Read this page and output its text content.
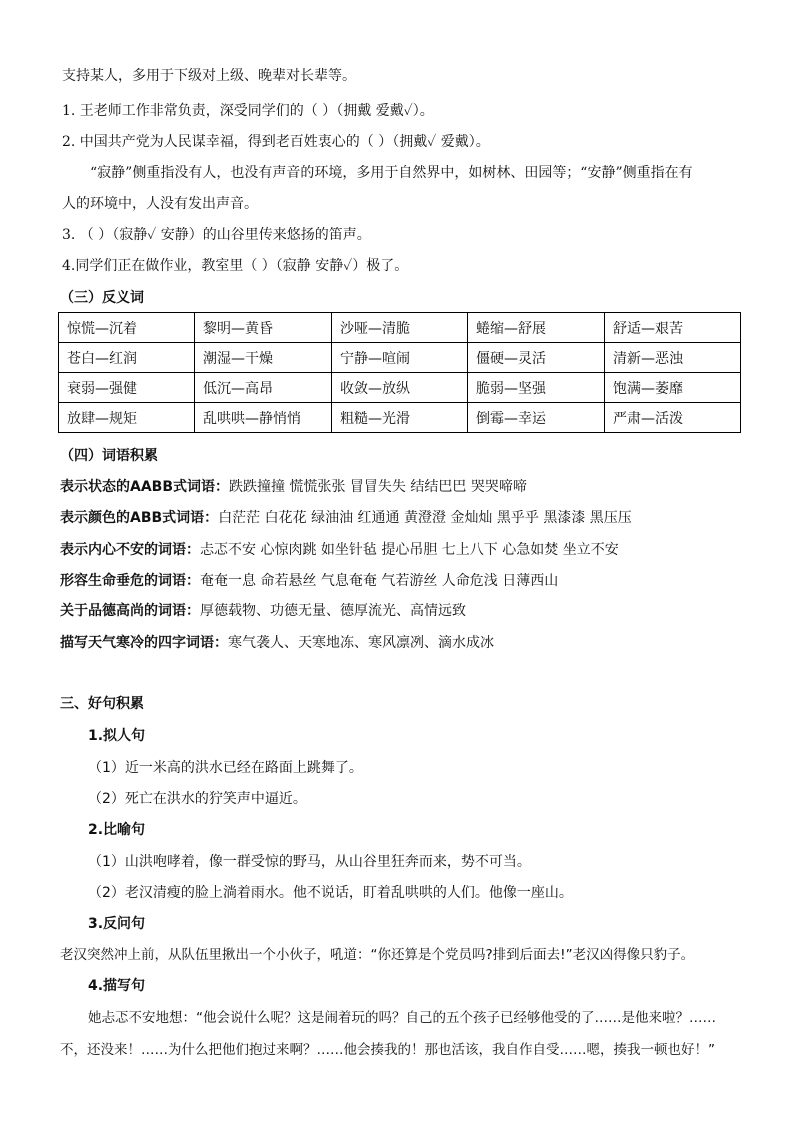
支持某人，多用于下级对上级、晚辈对长辈等。
1. 王老师工作非常负责，深受同学们的（ ）（拥戴 爱戴✓）。
2. 中国共产党为人民谋幸福，得到老百姓衷心的（ ）（拥戴✓ 爱戴）。
“寂静”侧重指没有人，也没有声音的环境，多用于自然界中，如树林、田园等；“安静”侧重指在有
人的环境中，人没有发出声音。
3. （ ）（寂静✓ 安静）的山谷里传来悠扬的笛声。
4.同学们正在做作业，教室里（ ）（寂静 安静✓）极了。
（三）反义词
惊慌—沉着	黎明—黄昏	沙哑—清脆	蜷缩—舒展	舒适—艰苦
苍白—红润	潮湿—干燥	宁静—喧闹	僵硬—灵活	清新—恶浊
衰弱—强健	低沉—高昂	收敛—放纵	脆弱—坚强	饱满—萎靡
放肆—规矩	乱哄哄—静悄悄	粗糙—光滑	倒霉—幸运	严肃—活泼
（四）词语积累
表示状态的AABB式词语：跌跌撞撞 慌慌张张 冒冒失失 结结巴巴 哭哭啼啼
表示颜色的ABB式词语：白茫茫 白花花 绿油油 红通通 黄澄澄 金灿灿 黑乎乎 黑漆漆 黑压压
表示内心不安的词语：忐忑不安 心惊肉跳 如坐针毡 提心吊胆 七上八下 心急如焚 坐立不安
形容生命垂危的词语：奄奄一息 命若悬丝 气息奄奄 气若游丝 人命危浅 日薄西山
关于品德高尚的词语：厚德载物、功德无量、德厚流光、高情远致
描写天气寒冷的四字词语：寒气袭人、天寒地冻、寒风凛冽、滴水成冰
三、好句积累
1.拟人句
（1）近一米高的洪水已经在路面上跳舞了。
（2）死亡在洪水的狞笑声中逼近。
2.比喻句
（1）山洪咆哮着，像一群受惊的野马，从山谷里狂奔而来，势不可当。
（2）老汉清瘦的脸上淌着雨水。他不说话，盯着乱哄哄的人们。他像一座山。
3.反问句
老汉突然冲上前，从队伍里揪出一个小伙子，吼道：“你还算是个党员吗?排到后面去!”老汉凶得像只豹子。
4.描写句
她忐忑不安地想：“他会说什么呢？这是闹着玩的吗？自己的五个孩子已经够他受的了……是他来啦？……
不，还没来！……为什么把他们抱过来啊？……他会揍我的！那也活该，我自作自受……嗯，揍我一顿也好！”
